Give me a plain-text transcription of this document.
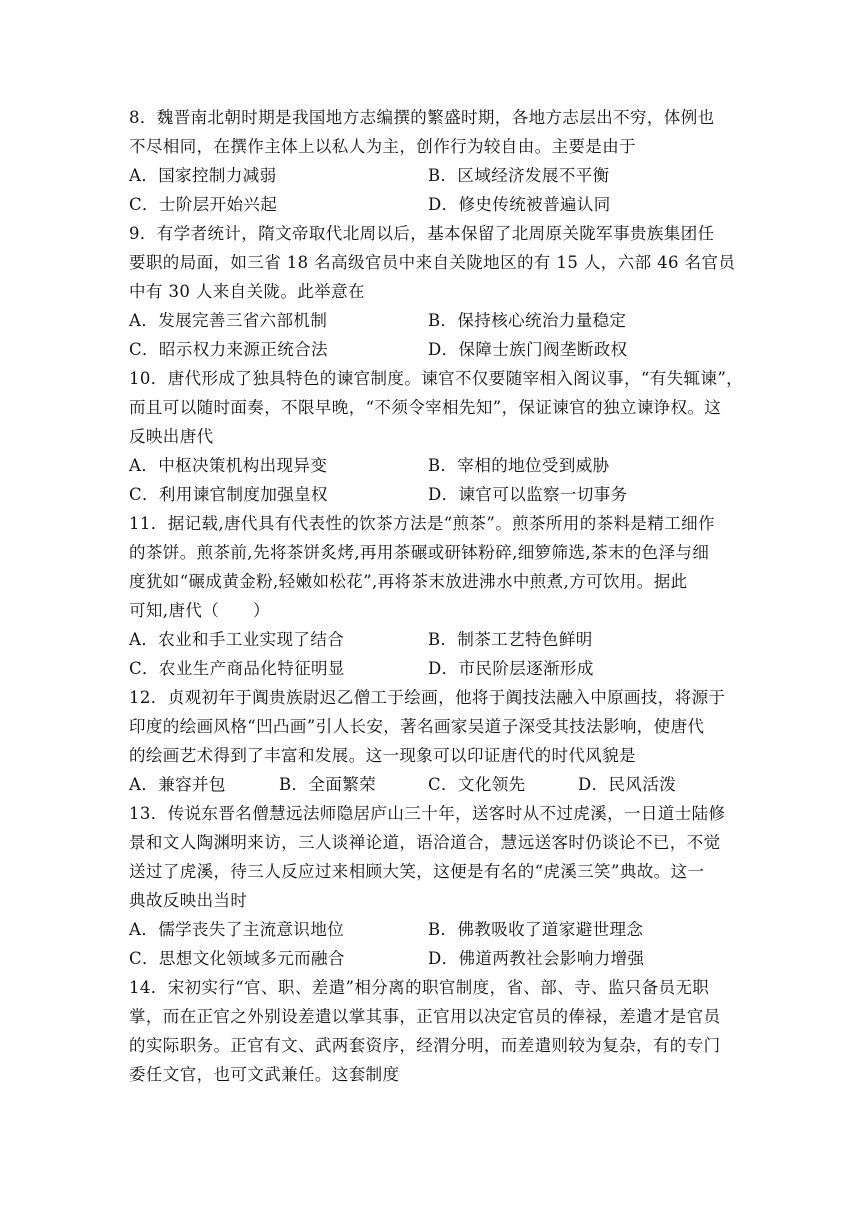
8．魏晋南北朝时期是我国地方志编撰的繁盛时期，各地方志层出不穷，体例也
不尽相同，在撰作主体上以私人为主，创作行为较自由。主要是由于
A．国家控制力减弱	B．区域经济发展不平衡
C．士阶层开始兴起	D．修史传统被普遍认同
9．有学者统计，隋文帝取代北周以后，基本保留了北周原关陇军事贵族集团任
要职的局面，如三省 18 名高级官员中来自关陇地区的有 15 人，六部 46 名官员
中有 30 人来自关陇。此举意在
A．发展完善三省六部机制	B．保持核心统治力量稳定
C．昭示权力来源正统合法	D．保障士族门阀垄断政权
10．唐代形成了独具特色的谏官制度。谏官不仅要随宰相入阁议事，“有失辄谏”，
而且可以随时面奏，不限早晚，“不须令宰相先知”，保证谏官的独立谏诤权。这
反映出唐代
A．中枢决策机构出现异变	B．宰相的地位受到威胁
C．利用谏官制度加强皇权	D．谏官可以监察一切事务
11．据记载,唐代具有代表性的饮茶方法是“煎茶”。煎茶所用的茶料是精工细作
的茶饼。煎茶前,先将茶饼炙烤,再用茶碾或研钵粉碎,细箩筛选,茶末的色泽与细
度犹如“碾成黄金粉,轻嫩如松花”,再将茶末放进沸水中煎煮,方可饮用。据此
可知,唐代（　　）
A．农业和手工业实现了结合	B．制茶工艺特色鲜明
C．农业生产商品化特征明显	D．市民阶层逐渐形成
12．贞观初年于阗贵族尉迟乙僧工于绘画，他将于阗技法融入中原画技，将源于
印度的绘画风格“凹凸画”引人长安，著名画家吴道子深受其技法影响，使唐代
的绘画艺术得到了丰富和发展。这一现象可以印证唐代的时代风貌是
A．兼容并包	B．全面繁荣	C．文化领先	D．民风活泼
13．传说东晋名僧慧远法师隐居庐山三十年，送客时从不过虎溪，一日道士陆修
景和文人陶渊明来访，三人谈禅论道，语洽道合，慧远送客时仍谈论不已，不觉
送过了虎溪，待三人反应过来相顾大笑，这便是有名的“虎溪三笑”典故。这一
典故反映出当时
A．儒学丧失了主流意识地位	B．佛教吸收了道家避世理念
C．思想文化领域多元而融合	D．佛道两教社会影响力增强
14．宋初实行“官、职、差遣”相分离的职官制度，省、部、寺、监只备员无职
掌，而在正官之外别设差遣以掌其事，正官用以决定官员的俸禄，差遣才是官员
的实际职务。正官有文、武两套资序，经渭分明，而差遣则较为复杂，有的专门
委任文官，也可文武兼任。这套制度
